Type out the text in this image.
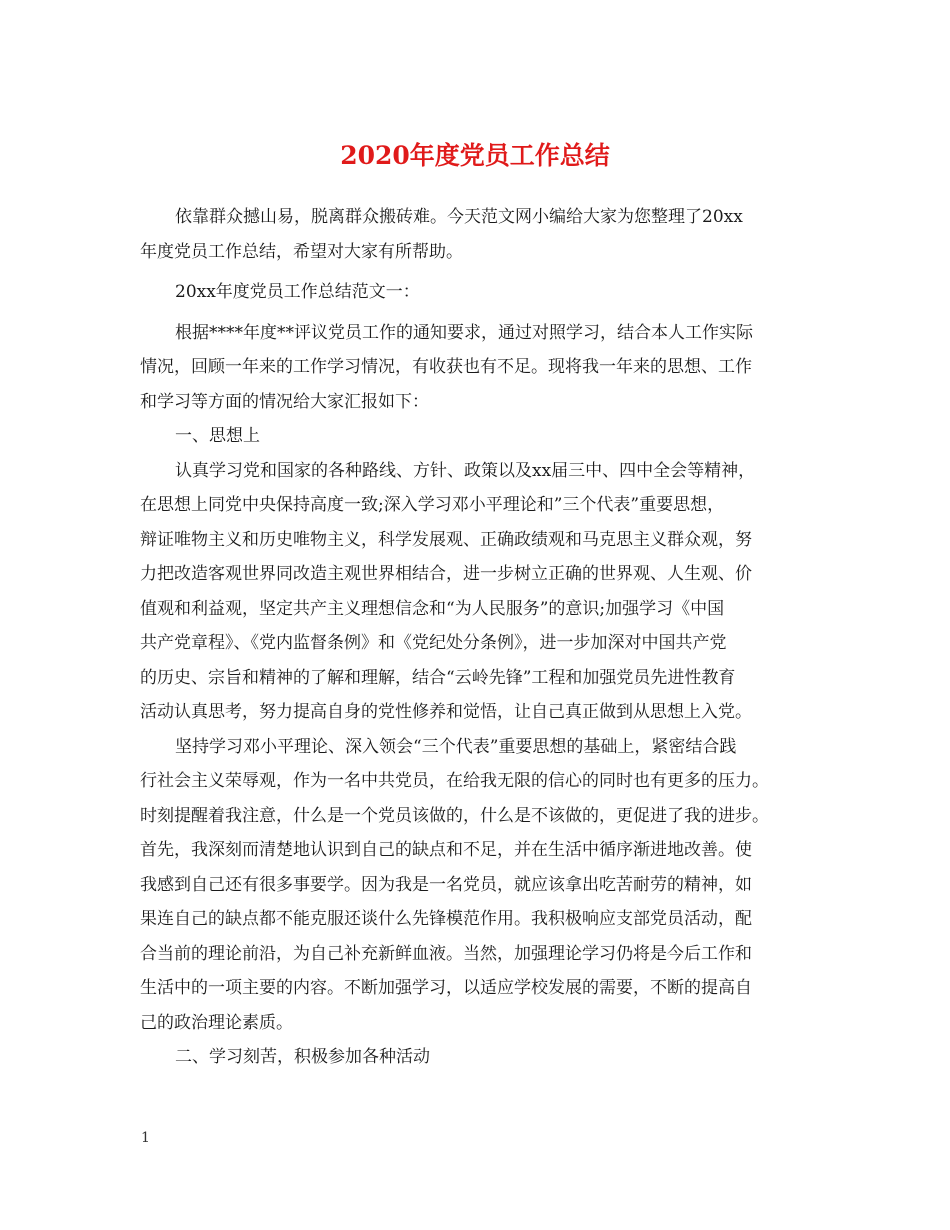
2020年度党员工作总结
依靠群众撼山易，脱离群众搬砖难。今天范文网小编给大家为您整理了20xx
年度党员工作总结，希望对大家有所帮助。
20xx年度党员工作总结范文一：
根据****年度**评议党员工作的通知要求，通过对照学习，结合本人工作实际
情况，回顾一年来的工作学习情况，有收获也有不足。现将我一年来的思想、工作
和学习等方面的情况给大家汇报如下：
一、思想上
认真学习党和国家的各种路线、方针、政策以及xx届三中、四中全会等精神，
在思想上同党中央保持高度一致;深入学习邓小平理论和”三个代表”重要思想，
辩证唯物主义和历史唯物主义，科学发展观、正确政绩观和马克思主义群众观，努
力把改造客观世界同改造主观世界相结合，进一步树立正确的世界观、人生观、价
值观和利益观，坚定共产主义理想信念和“为人民服务”的意识;加强学习《中国
共产党章程》、《党内监督条例》和《党纪处分条例》，进一步加深对中国共产党
的历史、宗旨和精神的了解和理解，结合“云岭先锋”工程和加强党员先进性教育
活动认真思考，努力提高自身的党性修养和觉悟，让自己真正做到从思想上入党。
坚持学习邓小平理论、深入领会“三个代表”重要思想的基础上，紧密结合践
行社会主义荣辱观，作为一名中共党员，在给我无限的信心的同时也有更多的压力。
时刻提醒着我注意，什么是一个党员该做的，什么是不该做的，更促进了我的进步。
首先，我深刻而清楚地认识到自己的缺点和不足，并在生活中循序渐进地改善。使
我感到自己还有很多事要学。因为我是一名党员，就应该拿出吃苦耐劳的精神，如
果连自己的缺点都不能克服还谈什么先锋模范作用。我积极响应支部党员活动，配
合当前的理论前沿，为自己补充新鲜血液。当然，加强理论学习仍将是今后工作和
生活中的一项主要的内容。不断加强学习，以适应学校发展的需要，不断的提高自
己的政治理论素质。
二、学习刻苦，积极参加各种活动
1
